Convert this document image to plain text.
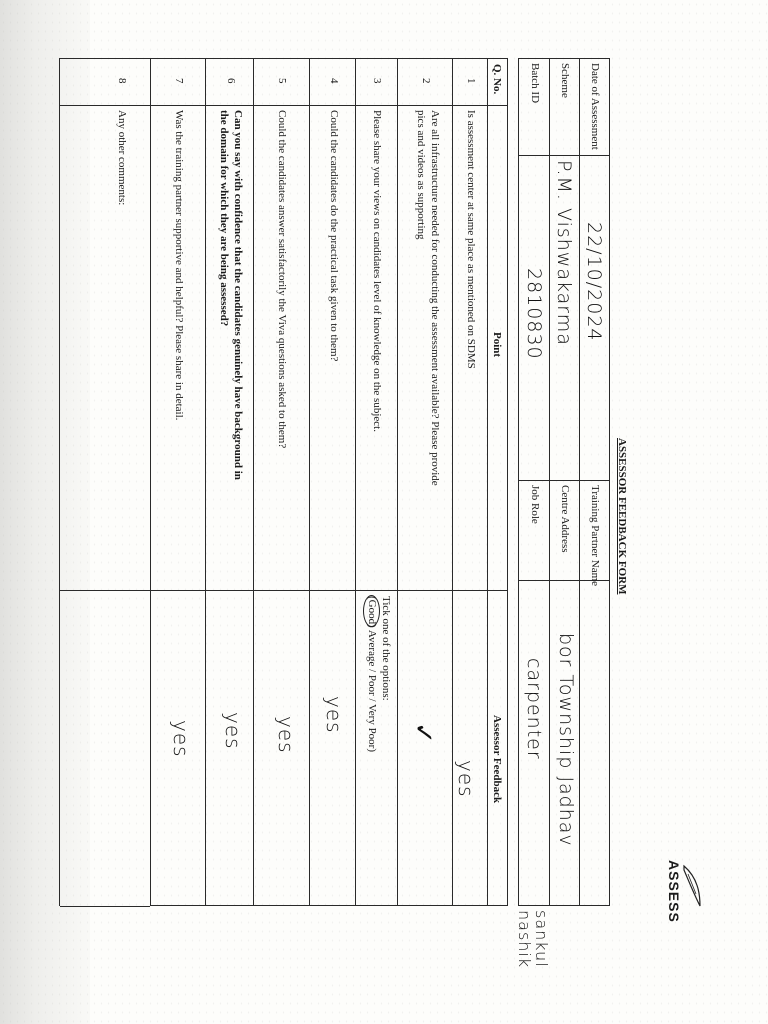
ASSESS
ASSESSOR FEEDBACK FORM
Date of Assessment
22/10/2024
Training Partner Name
Scheme
P.M. Vishwakarma
Centre Address
bor Township Jadhav
Batch ID
2810830
Job Role
carpenter
sankul nashik
Q. No.
Point
Assessor Feedback
1
Is assessment center at same place as mentioned on SDMS
yes
2
Are all infrastructure needed for conducting the assessment available? Please provide
pics and videos as supporting
✓
3
Please share your views on candidates level of knowledge on the subject.
Tick one of the options:
(Good) Average / Poor / Very Poor)
4
Could the candidates do the practical task given to them?
yes
5
Could the candidates answer satisfactorily the Viva questions asked to them?
yes
6
Can you say with confidence that the candidates genuinely have background in
the domain for which they are being assessed?
yes
7
Was the training partner supportive and helpful? Please share in detail.
yes
8
Any other comments:
